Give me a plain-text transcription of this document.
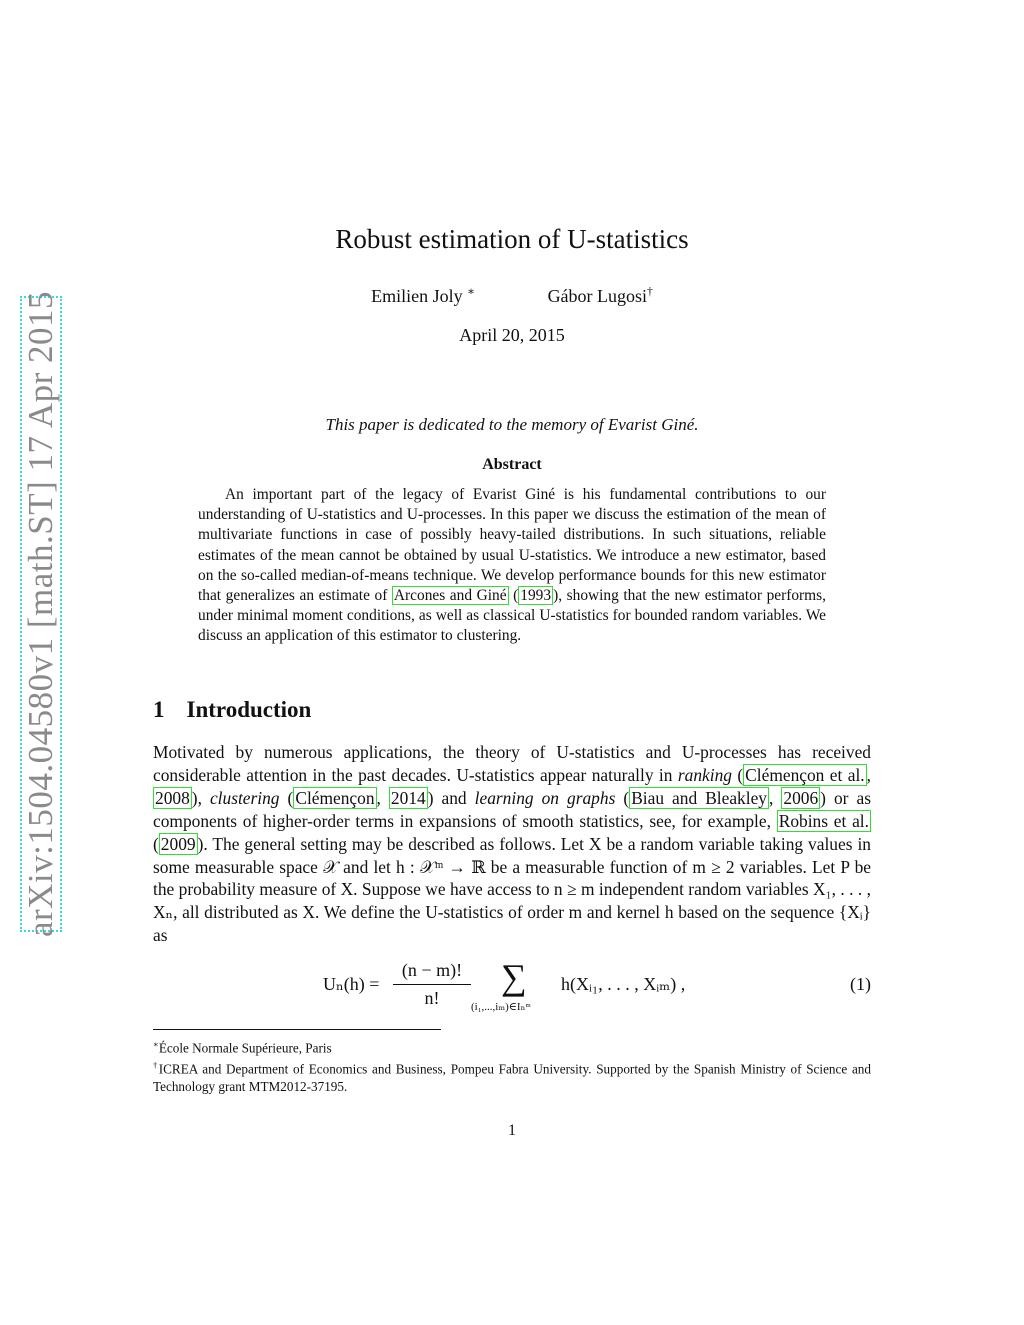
arXiv:1504.04580v1 [math.ST] 17 Apr 2015
Robust estimation of U-statistics
Emilien Joly ∗	Gábor Lugosi†
April 20, 2015
This paper is dedicated to the memory of Evarist Giné.
Abstract

An important part of the legacy of Evarist Giné is his fundamental contributions to our understanding of U-statistics and U-processes. In this paper we discuss the estimation of the mean of multivariate functions in case of possibly heavy-tailed distributions. In such situations, reliable estimates of the mean cannot be obtained by usual U-statistics. We introduce a new estimator, based on the so-called median-of-means technique. We develop performance bounds for this new estimator that generalizes an estimate of Arcones and Giné ( 1993 ), showing that the new estimator performs, under minimal moment conditions, as well as classical U-statistics for bounded random variables. We discuss an application of this estimator to clustering.

1 Introduction

Motivated by numerous applications, the theory of U-statistics and U-processes has received considerable attention in the past decades. U-statistics appear naturally in ranking ( Clémençon et al. , 2008 ), clustering ( Clémençon , 2014 ) and learning on graphs ( Biau and Bleakley , 2006 ) or as components of higher-order terms in expansions of smooth statistics, see, for example, Robins et al. ( 2009 ). The general setting may be described as follows. Let X be a random variable taking values in some measurable space 𝒳 and let h : 𝒳ᵐ → ℝ be a measurable function of m ≥ 2 variables. Let P be the probability measure of X. Suppose we have access to n ≥ m independent random variables X₁, . . . , Xₙ, all distributed as X. We define the U-statistics of order m and kernel h based on the sequence {Xᵢ} as

Uₙ(h) =
(n − m)!
n!
∑
(i₁,...,iₘ)∈Iₙᵐ
h(Xᵢ₁, . . . , Xᵢₘ) ,	(1)

∗École Normale Supérieure, Paris

†ICREA and Department of Economics and Business, Pompeu Fabra University. Supported by the Spanish Ministry of Science and Technology grant MTM2012-37195.

1
